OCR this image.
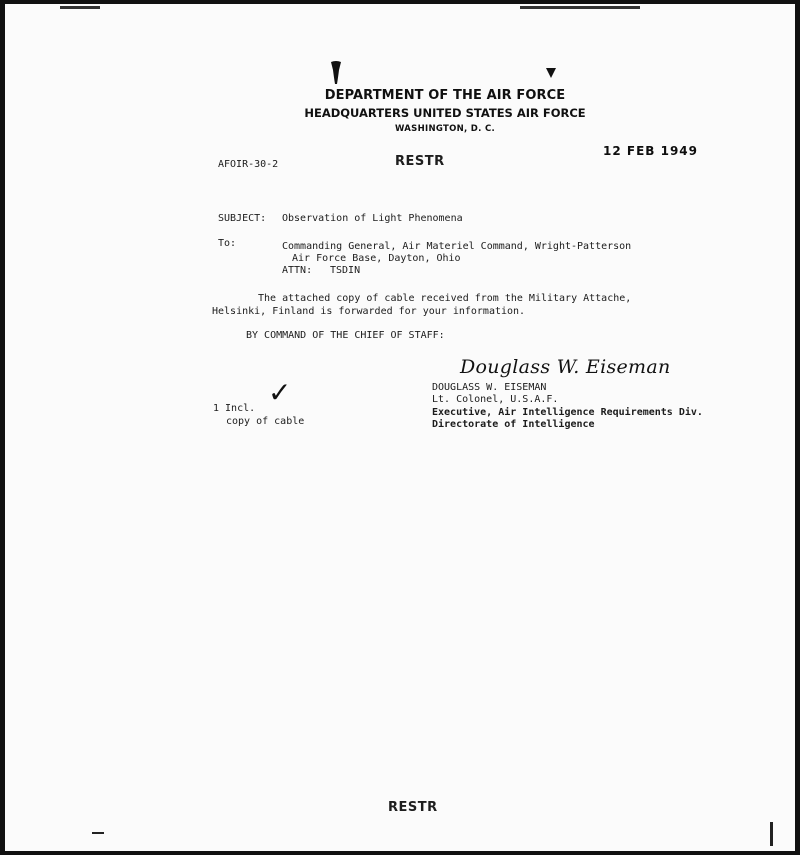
DEPARTMENT OF THE AIR FORCE
HEADQUARTERS UNITED STATES AIR FORCE
WASHINGTON, D. C.
12 FEB 1949
AFOIR-30-2	RESTR
SUBJECT: Observation of Light Phenomena
To:	Commanding General, Air Materiel Command, Wright-Patterson
Air Force Base, Dayton, Ohio
ATTN: TSDIN
The attached copy of cable received from the Military Attache,
Helsinki, Finland is forwarded for your information.
BY COMMAND OF THE CHIEF OF STAFF:
Douglass W. Eiseman
DOUGLASS W. EISEMAN
Lt. Colonel, U.S.A.F.
Executive, Air Intelligence Requirements Div.
Directorate of Intelligence
✓
1 Incl.
copy of cable
RESTR
